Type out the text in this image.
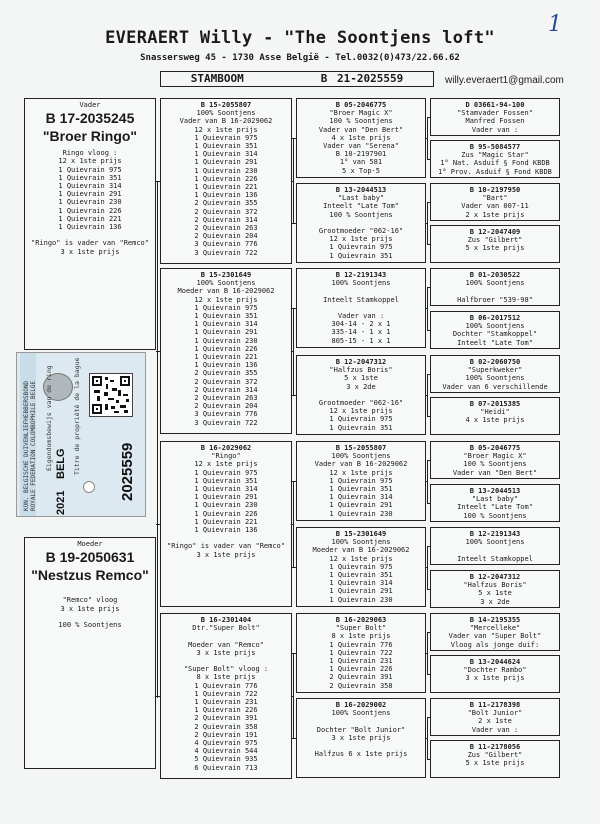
1
EVERAERT Willy - "The Soontjens loft"
Snassersweg 45 - 1730 Asse België - Tel.0032(0)473/22.66.62
STAMBOOM	B 21-2025559	willy.everaert1@gmail.com
KON. BELGISCHE DUIVENLIEFHEBBERSBOND ROYALE FEDERATION COLOMBOPHILE BELGE Eigendomsbewijs van de ring	Titre de propriété de la bague
2021
BELG	2025559
Vader
B 17-2035245
"Broer Ringo"
Ringo vloog :
12 x 1ste prijs
1 Quievrain 975
1 Quievrain 351
1 Quievrain 314
1 Quievrain 291
1 Quievrain 230
1 Quievrain 226
1 Quievrain 221
1 Quievrain 136

"Ringo" is vader van "Remco"
3 x 1ste prijs
Moeder
B 19-2050631
"Nestzus Remco"

"Remco" vloog
3 x 1ste prijs

100 % Soontjens
B 15-2055807
100% Soontjens
Vader van B 16-2029062
12 x 1ste prijs
1 Quievrain 975
1 Quievrain 351
1 Quievrain 314
1 Quievrain 291
1 Quievrain 230
1 Quievrain 226
1 Quievrain 221
1 Quievrain 136
2 Quievrain 355
2 Quievrain 372
2 Quievrain 314
2 Quievrain 263
2 Quievrain 204
3 Quievrain 776
3 Quievrain 722
B 15-2301649
100% Soontjens
Moeder van B 16-2029062
12 x 1ste prijs
1 Quievrain 975
1 Quievrain 351
1 Quievrain 314
1 Quievrain 291
1 Quievrain 230
1 Quievrain 226
1 Quievrain 221
1 Quievrain 136
2 Quievrain 355
2 Quievrain 372
2 Quievrain 314
2 Quievrain 263
2 Quievrain 204
3 Quievrain 776
3 Quievrain 722
B 16-2029062
"Ringo"
12 x 1ste prijs
1 Quievrain 975
1 Quievrain 351
1 Quievrain 314
1 Quievrain 291
1 Quievrain 230
1 Quievrain 226
1 Quievrain 221
1 Quievrain 136

"Ringo" is vader van "Remco"
3 x 1ste prijs
B 16-2301404
Dtr."Super Bolt"

Moeder van "Remco"
3 x 1ste prijs

"Super Bolt" vloog :
8 x 1ste prijs
1 Quievrain 776
1 Quievrain 722
1 Quievrain 231
1 Quievrain 226
2 Quievrain 391
2 Quievrain 358
2 Quievrain 191
4 Quievrain 975
4 Quievrain 544
5 Quievrain 935
6 Quievrain 713
B 05-2046775
"Broer Magic X"
100 % Soontjens
Vader van "Den Bert"
4 x 1ste prijs
Vader van "Serena"
B 10-2197901
1° van 581
5 x Top-5
B 13-2044513
"Last baby"
Inteelt "Late Tom"
100 % Soontjens

Grootmoeder "062-16"
12 x 1ste prijs
1 Quievrain 975
1 Quievrain 351
B 12-2191343
100% Soontjens

Inteelt Stamkoppel

Vader van :
304-14 - 2 x 1
335-14 - 1 x 1
805-15 - 1 x 1
B 12-2047312
"Halfzus Boris"
5 x 1ste
3 x 2de

Grootmoeder "062-16"
12 x 1ste prijs
1 Quievrain 975
1 Quievrain 351
B 15-2055807
100% Soontjens
Vader van B 16-2029062
12 x 1ste prijs
1 Quievrain 975
1 Quievrain 351
1 Quievrain 314
1 Quievrain 291
1 Quievrain 230
B 15-2301649
100% Soontjens
Moeder van B 16-2029062
12 x 1ste prijs
1 Quievrain 975
1 Quievrain 351
1 Quievrain 314
1 Quievrain 291
1 Quievrain 230
B 16-2029063
"Super Bolt"
8 x 1ste prijs
1 Quievrain 776
1 Quievrain 722
1 Quievrain 231
1 Quievrain 226
2 Quievrain 391
2 Quievrain 358
B 16-2029002
100% Soontjens

Dochter "Bolt Junior"
3 x 1ste prijs

Halfzus 6 x 1ste prijs
D 03661-94-100
"Stamvader Fossen"
Manfred Fossen
Vader van :
B 95-5084577
Zus "Magic Star"
1° Nat. Asduif § Fond KBDB
1° Prov. Asduif § Fond KBDB
B 10-2197950
"Bart"
Vader van 007-11
2 x 1ste prijs
B 12-2047409
Zus "Gilbert"
5 x 1ste prijs
B 01-2030522
100% Soontjens

Halfbroer "539-98"
B 06-2017512
100% Soontjens
Dochter "Stamkoppel"
Inteelt "Late Tom"
B 02-2060750
"Superkweker"
100% Soontjens
Vader van 6 verschillende
B 07-2015385
"Heidi"
4 x 1ste prijs
B 05-2046775
"Broer Magic X"
100 % Soontjens
Vader van "Den Bert"
B 13-2044513
"Last baby"
Inteelt "Late Tom"
100 % Soontjens
B 12-2191343
100% Soontjens

Inteelt Stamkoppel
B 12-2047312
"Halfzus Boris"
5 x 1ste
3 x 2de
B 14-2195355
"Mercelleke"
Vader van "Super Bolt"
Vloog als jonge duif:
B 13-2044624
"Dochter Rambo"
3 x 1ste prijs
B 11-2178398
"Bolt Junior"
2 x 1ste
Vader van :
B 11-2178056
Zus "Gilbert"
5 x 1ste prijs
